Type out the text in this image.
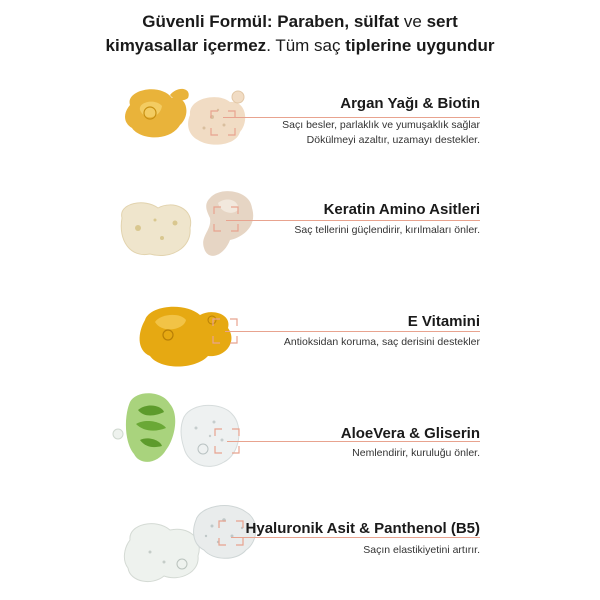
Güvenli Formül: Paraben, sülfat ve sert
kimyasallar içermez. Tüm saç tiplerine uygundur
Argan Yağı & Biotin
Saçı besler, parlaklık ve yumuşaklık sağlar
Dökülmeyi azaltır, uzamayı destekler.
Keratin Amino Asitleri
Saç tellerini güçlendirir, kırılmaları önler.
E Vitamini
Antioksidan koruma, saç derisini destekler
AloeVera & Gliserin
Nemlendirir, kuruluğu önler.
Hyaluronik Asit & Panthenol (B5)
Saçın elastikiyetini artırır.
